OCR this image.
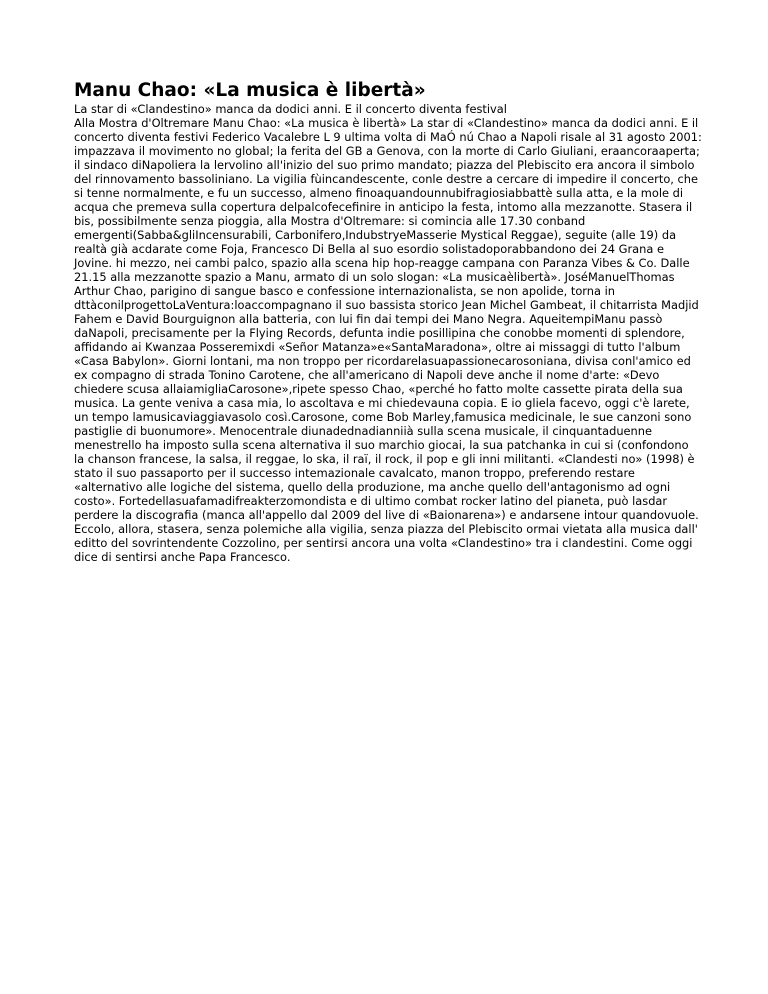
Manu Chao: «La musica è libertà»

La star di «Clandestino» manca da dodici anni. E il concerto diventa festival

Alla Mostra d'Oltremare Manu Chao: «La musica è libertà» La star di «Clandestino» manca da dodici anni. E il concerto diventa festivi Federico Vacalebre L 9 ultima volta di MaÓ nú Chao a Napoli risale al 31 agosto 2001: impazzava il movimento no global; la ferita del GB a Genova, con la morte di Carlo Giuliani, eraancoraaperta; il sindaco diNapoliera la lervolino all'inizio del suo primo mandato; piazza del Plebiscito era ancora il simbolo del rinnovamento bassoliniano. La vigilia fùincandescente, conle destre a cercare di impedire il concerto, che si tenne normalmente, e fu un successo, almeno finoaquandounnubifragiosiabbattè sulla atta, e la mole di acqua che premeva sulla copertura delpalcofecefinire in anticipo la festa, intomo alla mezzanotte. Stasera il bis, possibilmente senza pioggia, alla Mostra d'Oltremare: si comincia alle 17.30 conband emergenti(Sabba&gliIncensurabili, Carbonifero,IndubstryeMasserie Mystical Reggae), seguite (alle 19) da realtà già acdarate come Foja, Francesco Di Bella al suo esordio solistadoporabbandono dei 24 Grana e Jovine. hi mezzo, nei cambi palco, spazio alla scena hip hop-reagge campana con Paranza Vibes & Co. Dalle 21.15 alla mezzanotte spazio a Manu, armato di un solo slogan: «La musicaèlibertà». JoséManuelThomas Arthur Chao, parigino di sangue basco e confessione internazionalista, se non apolide, torna in dttàconilprogettoLaVentura:loaccompagnano il suo bassista storico Jean Michel Gambeat, il chitarrista Madjid Fahem e David Bourguignon alla batteria, con lui fin dai tempi dei Mano Negra. AqueitempiManu passò daNapoli, precisamente per la Flying Records, defunta indie posillipina che conobbe momenti di splendore, affidando ai Kwanzaa Posseremixdi «Señor Matanza»e«SantaMaradona», oltre ai missaggi di tutto l'album «Casa Babylon». Giorni lontani, ma non troppo per ricordarelasuapassionecarosoniana, divisa conl'amico ed ex compagno di strada Tonino Carotene, che all'americano di Napoli deve anche il nome d'arte: «Devo chiedere scusa allaiamigliaCarosone»,ripete spesso Chao, «perché ho fatto molte cassette pirata della sua musica. La gente veniva a casa mia, lo ascoltava e mi chiedevauna copia. E io gliela facevo, oggi c'è larete, un tempo lamusicaviaggiavasolo così.Carosone, come Bob Marley,famusica medicinale, le sue canzoni sono pastiglie di buonumore». Menocentrale diunadednadianniià sulla scena musicale, il cinquantaduenne menestrello ha imposto sulla scena alternativa il suo marchio giocai, la sua patchanka in cui si (confondono la chanson francese, la salsa, il reggae, lo ska, il raï, il rock, il pop e gli inni militanti. «Clandesti no» (1998) è stato il suo passaporto per il successo intemazionale cavalcato, manon troppo, preferendo restare «alternativo alle logiche del sistema, quello della produzione, ma anche quello dell'antagonismo ad ogni costo». Fortedellasuafamadifreakterzomondista e di ultimo combat rocker latino del pianeta, può lasdar perdere la discografia (manca all'appello dal 2009 del live di «Baionarena») e andarsene intour quandovuole. Eccolo, allora, stasera, senza polemiche alla vigilia, senza piazza del Plebiscito ormai vietata alla musica dall' editto del sovrintendente Cozzolino, per sentirsi ancora una volta «Clandestino» tra i clandestini. Come oggi dice di sentirsi anche Papa Francesco.
